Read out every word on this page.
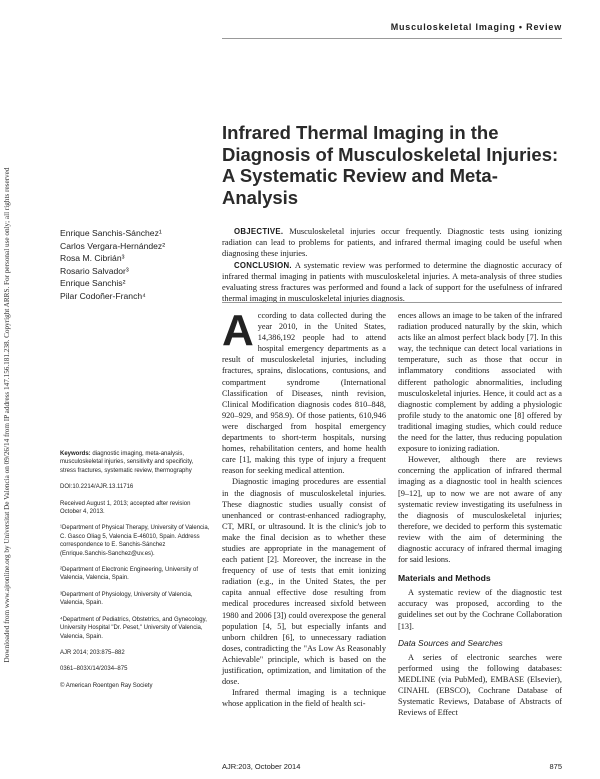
Downloaded from www.ajronline.org by Universitat De Valencia on 09/26/14 from IP address 147.156.181.238. Copyright ARRS. For personal use only; all rights reserved
Musculoskeletal Imaging • Review
Infrared Thermal Imaging in the Diagnosis of Musculoskeletal Injuries: A Systematic Review and Meta-Analysis
Enrique Sanchis-Sánchez¹
Carlos Vergara-Hernández²
Rosa M. Cibrián³
Rosario Salvador³
Enrique Sanchis²
Pilar Codoñer-Franch⁴

OBJECTIVE. Musculoskeletal injuries occur frequently. Diagnostic tests using ionizing radiation can lead to problems for patients, and infrared thermal imaging could be useful when diagnosing these injuries.

CONCLUSION. A systematic review was performed to determine the diagnostic accuracy of infrared thermal imaging in patients with musculoskeletal injuries. A meta-analysis of three studies evaluating stress fractures was performed and found a lack of support for the usefulness of infrared thermal imaging in musculoskeletal injuries diagnosis.

Keywords: diagnostic imaging, meta-analysis, musculoskeletal injuries, sensitivity and specificity, stress fractures, systematic review, thermography

DOI:10.2214/AJR.13.11716

Received August 1, 2013; accepted after revision October 4, 2013.

¹Department of Physical Therapy, University of Valencia, C. Gasco Oliag 5, Valencia E-46010, Spain. Address correspondence to E. Sanchis-Sánchez (Enrique.Sanchis-Sanchez@uv.es).

²Department of Electronic Engineering, University of Valencia, Valencia, Spain.

³Department of Physiology, University of Valencia, Valencia, Spain.

⁴Department of Pediatrics, Obstetrics, and Gynecology, University Hospital "Dr. Peset," University of Valencia, Valencia, Spain.

AJR 2014; 203:875–882

0361–803X/14/2034–875

© American Roentgen Ray Society

According to data collected during the year 2010, in the United States, 14,386,192 people had to attend hospital emergency departments as a result of musculoskeletal injuries, including fractures, sprains, dislocations, contusions, and compartment syndrome (International Classification of Diseases, ninth revision, Clinical Modification diagnosis codes 810–848, 920–929, and 958.9). Of those patients, 610,946 were discharged from hospital emergency departments to short-term hospitals, nursing homes, rehabilitation centers, and home health care [1], making this type of injury a frequent reason for seeking medical attention.

Diagnostic imaging procedures are essential in the diagnosis of musculoskeletal injuries. These diagnostic studies usually consist of unenhanced or contrast-enhanced radiography, CT, MRI, or ultrasound. It is the clinic's job to make the final decision as to whether these studies are appropriate in the management of each patient [2]. Moreover, the increase in the frequency of use of tests that emit ionizing radiation (e.g., in the United States, the per capita annual effective dose resulting from medical procedures increased sixfold between 1980 and 2006 [3]) could overexpose the general population [4, 5], but especially infants and unborn children [6], to unnecessary radiation doses, contradicting the "As Low As Reasonably Achievable" principle, which is based on the justification, optimization, and limitation of the dose.

Infrared thermal imaging is a technique whose application in the field of health sci-

ences allows an image to be taken of the infrared radiation produced naturally by the skin, which acts like an almost perfect black body [7]. In this way, the technique can detect local variations in temperature, such as those that occur in inflammatory conditions associated with different pathologic abnormalities, including musculoskeletal injuries. Hence, it could act as a diagnostic complement by adding a physiologic profile study to the anatomic one [8] offered by traditional imaging studies, which could reduce the need for the latter, thus reducing population exposure to ionizing radiation.

However, although there are reviews concerning the application of infrared thermal imaging as a diagnostic tool in health sciences [9–12], up to now we are not aware of any systematic review investigating its usefulness in the diagnosis of musculoskeletal injuries; therefore, we decided to perform this systematic review with the aim of determining the diagnostic accuracy of infrared thermal imaging for said lesions.

Materials and Methods

A systematic review of the diagnostic test accuracy was proposed, according to the guidelines set out by the Cochrane Collaboration [13].

Data Sources and Searches

A series of electronic searches were performed using the following databases: MEDLINE (via PubMed), EMBASE (Elsevier), CINAHL (EBSCO), Cochrane Database of Systematic Reviews, Database of Abstracts of Reviews of Effect

AJR:203, October 2014	875
